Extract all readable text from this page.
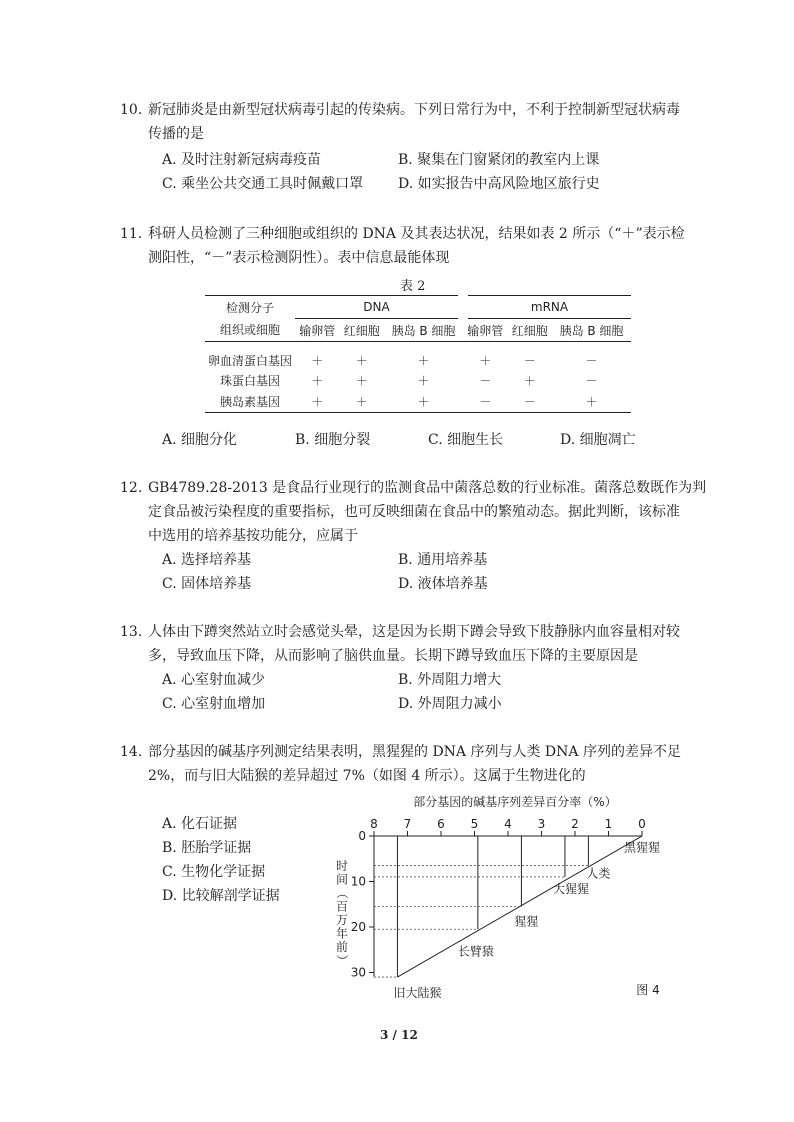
10. 新冠肺炎是由新型冠状病毒引起的传染病。下列日常行为中，不利于控制新型冠状病毒
传播的是
A. 及时注射新冠病毒疫苗	B. 聚集在门窗紧闭的教室内上课
C. 乘坐公共交通工具时佩戴口罩 D. 如实报告中高风险地区旅行史
11. 科研人员检测了三种细胞或组织的 DNA 及其表达状况，结果如表 2 所示（“＋”表示检
测阳性，“－”表示检测阴性）。表中信息最能体现
表 2
检测分子	DNA			mRNA		
组织或细胞	输卵管	红细胞	胰岛 B 细胞	输卵管	红细胞	胰岛 B 细胞

卵血清蛋白基因	＋	＋	＋	＋	－	－
珠蛋白基因	＋	＋	＋	－	＋	－
胰岛素基因	＋	＋	＋	－	－	＋
A. 细胞分化	B. 细胞分裂	C. 细胞生长	D. 细胞凋亡
12. GB4789.28-2013 是食品行业现行的监测食品中菌落总数的行业标准。菌落总数既作为判
定食品被污染程度的重要指标，也可反映细菌在食品中的繁殖动态。据此判断，该标准
中选用的培养基按功能分，应属于
A. 选择培养基	B. 通用培养基
C. 固体培养基	D. 液体培养基
13. 人体由下蹲突然站立时会感觉头晕，这是因为长期下蹲会导致下肢静脉内血容量相对较
多，导致血压下降，从而影响了脑供血量。长期下蹲导致血压下降的主要原因是
A. 心室射血减少	B. 外周阻力增大
C. 心室射血增加	D. 外周阻力减小
14. 部分基因的碱基序列测定结果表明，黑猩猩的 DNA 序列与人类 DNA 序列的差异不足
2%，而与旧大陆猴的差异超过 7%（如图 4 所示）。这属于生物进化的
A. 化石证据
B. 胚胎学证据
C. 生物化学证据
D. 比较解剖学证据
部分基因的碱基序列差异百分率（%）
图 4
时
间
（
百
万
年
前
）
8 7 6 5 4 3 2 1 0
0
10
20
30
旧大陆猴
长臂猿
猩猩
大猩猩
人类
黑猩猩
3 / 12
